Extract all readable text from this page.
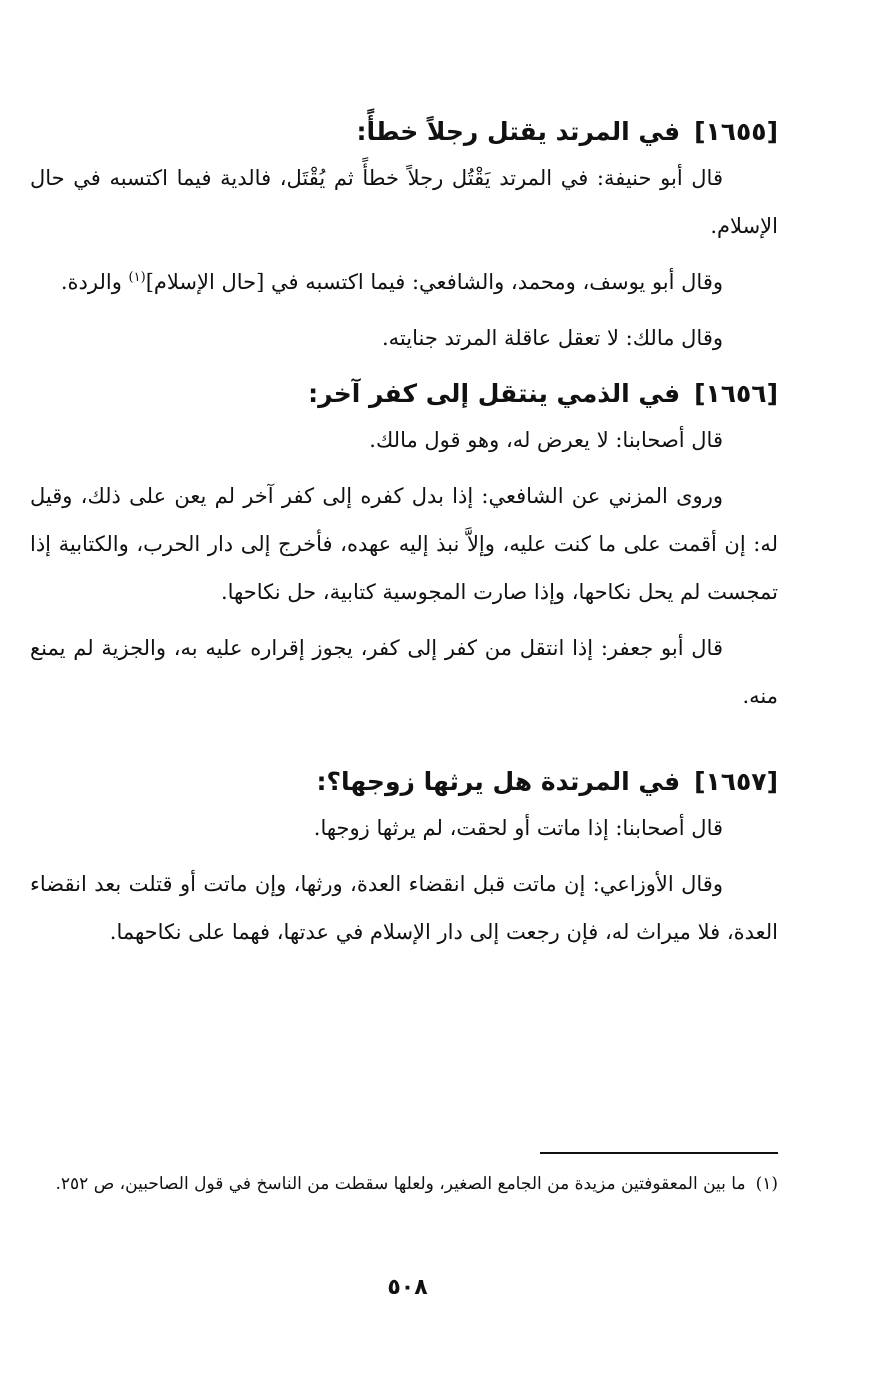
[١٦٥٥]في المرتد يقتل رجلاً خطأً:

قال أبو حنيفة: في المرتد يَقْتُل رجلاً خطأً ثم يُقْتَل، فالدية فيما اكتسبه في حال الإسلام.

وقال أبو يوسف، ومحمد، والشافعي: فيما اكتسبه في [حال الإسلام]$^{(١)}$ والردة.

وقال مالك: لا تعقل عاقلة المرتد جنايته.

[١٦٥٦]في الذمي ينتقل إلى كفر آخر:

قال أصحابنا: لا يعرض له، وهو قول مالك.

وروى المزني عن الشافعي: إذا بدل كفره إلى كفر آخر لم يعن على ذلك، وقيل له: إن أقمت على ما كنت عليه، وإلاَّ نبذ إليه عهده، فأخرج إلى دار الحرب، والكتابية إذا تمجست لم يحل نكاحها، وإذا صارت المجوسية كتابية، حل نكاحها.

قال أبو جعفر: إذا انتقل من كفر إلى كفر، يجوز إقراره عليه به، والجزية لم يمنع منه.

[١٦٥٧]في المرتدة هل يرثها زوجها؟:

قال أصحابنا: إذا ماتت أو لحقت، لم يرثها زوجها.

وقال الأوزاعي: إن ماتت قبل انقضاء العدة، ورثها، وإن ماتت أو قتلت بعد انقضاء العدة، فلا ميراث له، فإن رجعت إلى دار الإسلام في عدتها، فهما على نكاحهما.

(١)ما بين المعقوفتين مزيدة من الجامع الصغير، ولعلها سقطت من الناسخ في قول الصاحبين، ص ٢٥٢.
٥٠٨
